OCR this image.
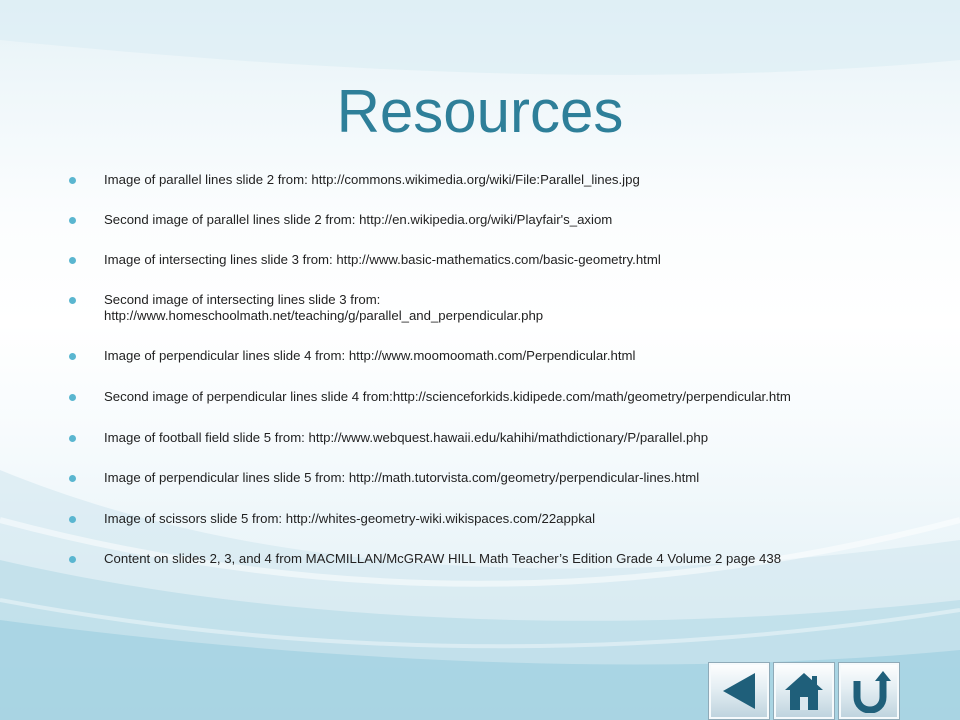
Resources
Image of parallel lines slide 2 from: http://commons.wikimedia.org/wiki/File:Parallel_lines.jpg
Second image of parallel lines slide 2 from: http://en.wikipedia.org/wiki/Playfair's_axiom
Image of intersecting lines slide 3 from: http://www.basic-mathematics.com/basic-geometry.html
Second image of intersecting lines slide 3 from:
http://www.homeschoolmath.net/teaching/g/parallel_and_perpendicular.php
Image of perpendicular lines slide 4 from: http://www.moomoomath.com/Perpendicular.html
Second image of perpendicular lines slide 4 from:http://scienceforkids.kidipede.com/math/geometry/perpendicular.htm
Image of football field slide 5 from: http://www.webquest.hawaii.edu/kahihi/mathdictionary/P/parallel.php
Image of perpendicular lines slide 5 from: http://math.tutorvista.com/geometry/perpendicular-lines.html
Image of scissors slide 5 from: http://whites-geometry-wiki.wikispaces.com/22appkal
Content on slides 2, 3, and 4 from MACMILLAN/McGRAW HILL Math Teacher’s Edition Grade 4 Volume 2 page 438
